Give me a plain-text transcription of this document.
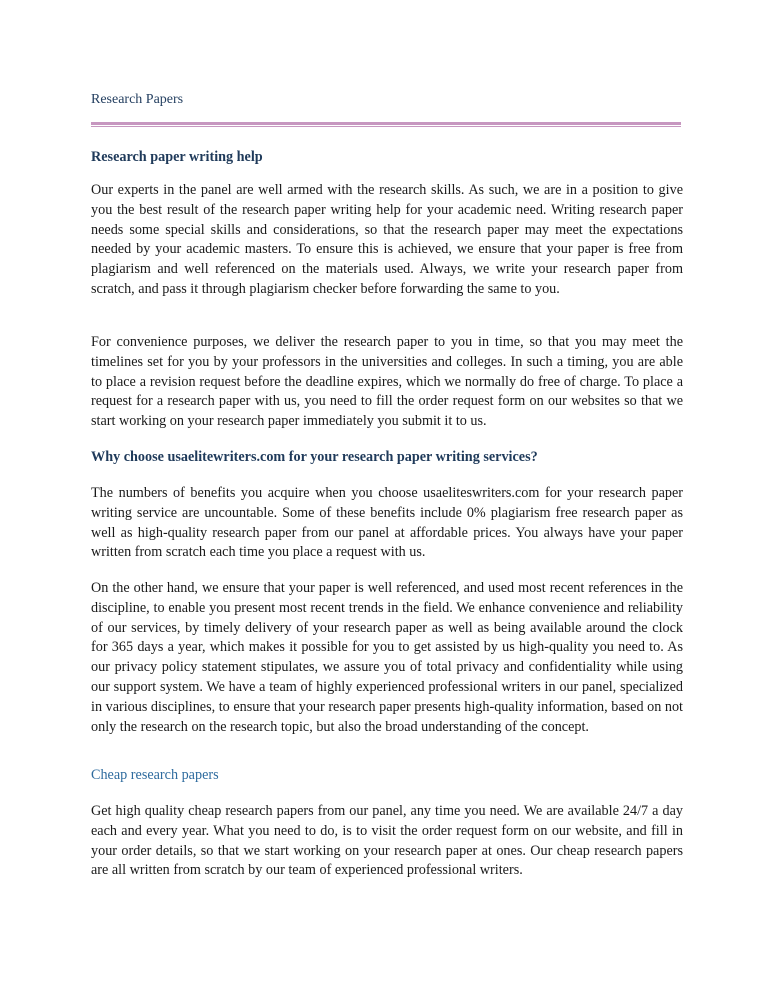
Research Papers
Research paper writing help

Our experts in the panel are well armed with the research skills. As such, we are in a position to give you the best result of the research paper writing help for your academic need. Writing research paper needs some special skills and considerations, so that the research paper may meet the expectations needed by your academic masters. To ensure this is achieved, we ensure that your paper is free from plagiarism and well referenced on the materials used. Always, we write your research paper from scratch, and pass it through plagiarism checker before forwarding the same to you.

For convenience purposes, we deliver the research paper to you in time, so that you may meet the timelines set for you by your professors in the universities and colleges. In such a timing, you are able to place a revision request before the deadline expires, which we normally do free of charge. To place a request for a research paper with us, you need to fill the order request form on our websites so that we start working on your research paper immediately you submit it to us.

Why choose usaelitewriters.com for your research paper writing services?

The numbers of benefits you acquire when you choose usaeliteswriters.com for your research paper writing service are uncountable. Some of these benefits include 0% plagiarism free research paper as well as high-quality research paper from our panel at affordable prices. You always have your paper written from scratch each time you place a request with us.

On the other hand, we ensure that your paper is well referenced, and used most recent references in the discipline, to enable you present most recent trends in the field. We enhance convenience and reliability of our services, by timely delivery of your research paper as well as being available around the clock for 365 days a year, which makes it possible for you to get assisted by us high-quality you need to. As our privacy policy statement stipulates, we assure you of total privacy and confidentiality while using our support system. We have a team of highly experienced professional writers in our panel, specialized in various disciplines, to ensure that your research paper presents high-quality information, based on not only the research on the research topic, but also the broad understanding of the concept.

Cheap research papers

Get high quality cheap research papers from our panel, any time you need. We are available 24/7 a day each and every year. What you need to do, is to visit the order request form on our website, and fill in your order details, so that we start working on your research paper at ones. Our cheap research papers are all written from scratch by our team of experienced professional writers.
